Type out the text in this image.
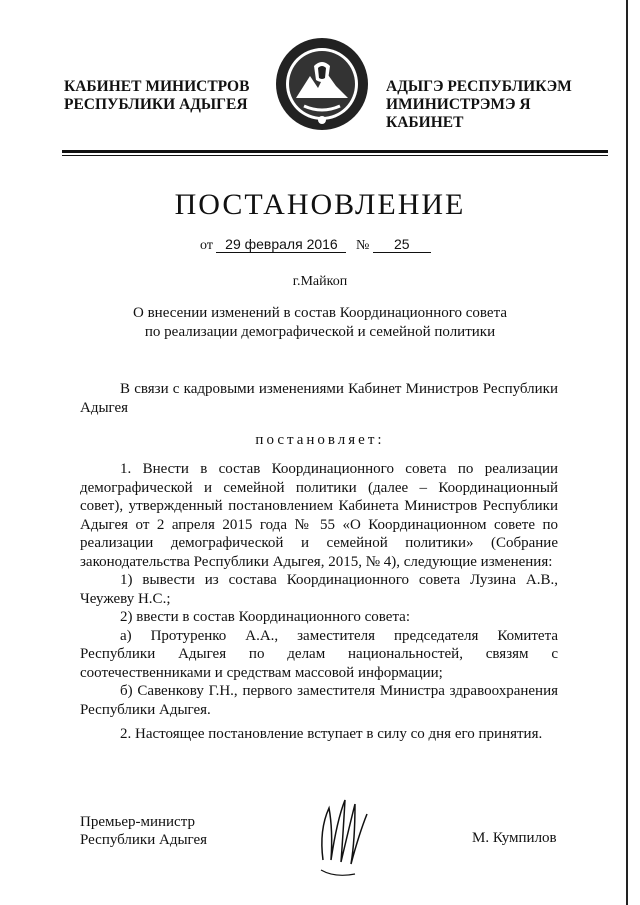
КАБИНЕТ МИНИСТРОВ
РЕСПУБЛИКИ АДЫГЕЯ
АДЫГЭ РЕСПУБЛИКЭМ
ИМИНИСТРЭМЭ Я КАБИНЕТ
ПОСТАНОВЛЕНИЕ
от 29 февраля 2016 № 25
г.Майкоп
О внесении изменений в состав Координационного совета
по реализации демографической и семейной политики
В связи с кадровыми изменениями Кабинет Министров Республики Адыгея
постановляет:
1. Внести в состав Координационного совета по реализации демографической и семейной политики (далее – Координационный совет), утвержденный постановлением Кабинета Министров Республики Адыгея от 2 апреля 2015 года № 55 «О Координационном совете по реализации демографической и семейной политики» (Собрание законодательства Республики Адыгея, 2015, № 4), следующие изменения:
1) вывести из состава Координационного совета Лузина А.В., Чеужеву Н.С.;
2) ввести в состав Координационного совета:
а) Протуренко А.А., заместителя председателя Комитета Республики Адыгея по делам национальностей, связям с соотечественниками и средствам массовой информации;
б) Савенкову Г.Н., первого заместителя Министра здравоохранения Республики Адыгея.
2. Настоящее постановление вступает в силу со дня его принятия.
Премьер-министр
Республики Адыгея	М. Кумпилов
